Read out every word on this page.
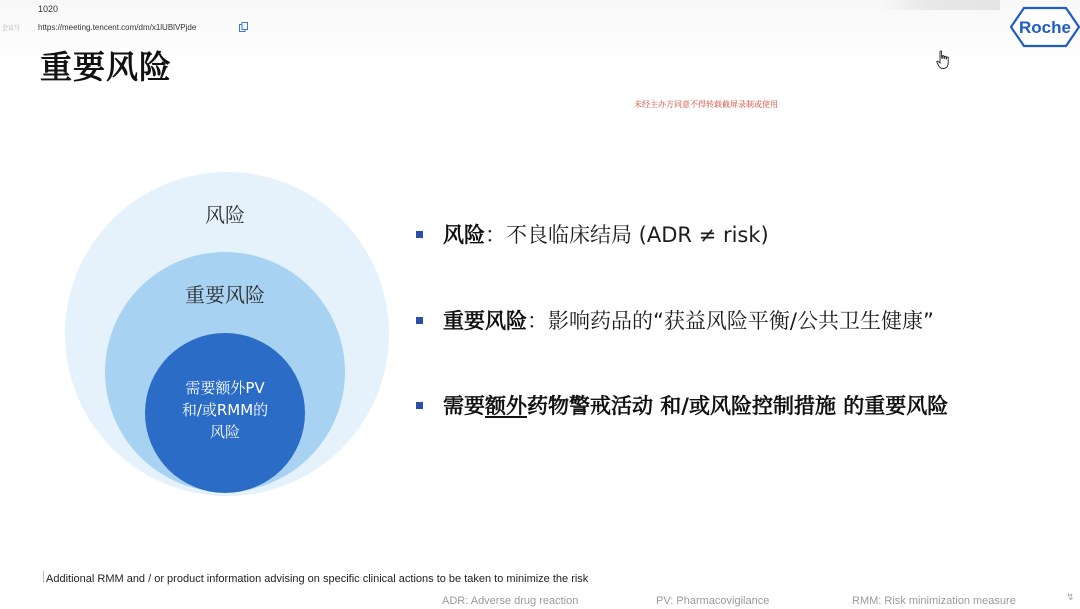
会议号
1020
https://meeting.tencent.com/dm/x1lUBlVPjde	Roche
重要风险
未经主办方同意不得转载截屏录制或使用
风险
重要风险
需要额外PV
和/或RMM的
风险
风险：不良临床结局 (ADR ≠ risk)
重要风险：影响药品的“获益风险平衡/公共卫生健康”
需要额外药物警戒活动 和/或风险控制措施 的重要风险
Additional RMM and / or product information advising on specific clinical actions to be taken to minimize the risk
ADR: Adverse drug reaction	PV: Pharmacovigilance	RMM: Risk minimization measure	↯
